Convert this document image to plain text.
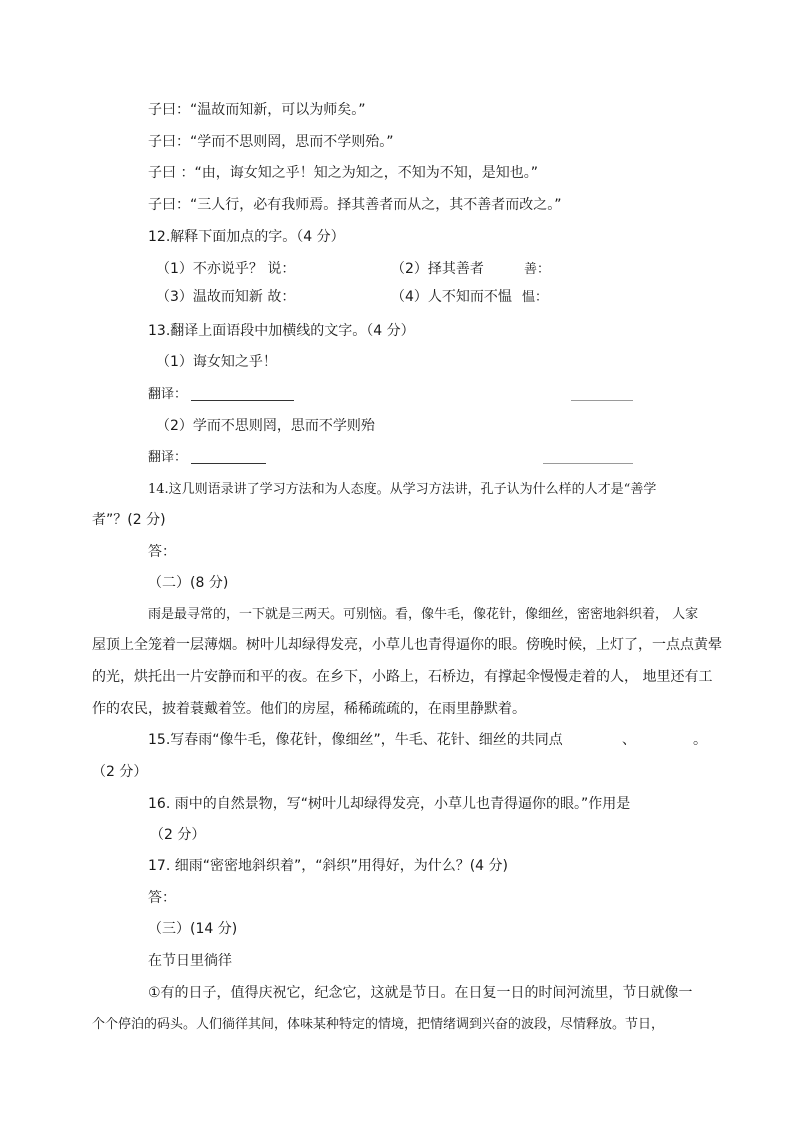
子曰：“温故而知新，可以为师矣。”
子曰：“学而不思则罔，思而不学则殆。”
子曰 ：“由，诲女知之乎！知之为知之，不知为不知，是知也。”
子曰：“三人行，必有我师焉。择其善者而从之，其不善者而改之。”
12.解释下面加点的字。（4 分）
（1）不亦说乎？ 说：	（2）择其善者	善：
（3）温故而知新 故：	（4）人不知而不愠 愠：
13.翻译上面语段中加横线的文字。（4 分）
（1）诲女知之乎！
翻译：
（2）学而不思则罔，思而不学则殆
翻译：
14.这几则语录讲了学习方法和为人态度。从学习方法讲，孔子认为什么样的人才是“善学
者”？(2 分)
答：
（二）(8 分)
雨是最寻常的，一下就是三两天。可别恼。看，像牛毛，像花针，像细丝，密密地斜织着， 人家
屋顶上全笼着一层薄烟。树叶儿却绿得发亮，小草儿也青得逼你的眼。傍晚时候，上灯了，一点点黄晕
的光，烘托出一片安静而和平的夜。在乡下，小路上，石桥边，有撑起伞慢慢走着的人， 地里还有工
作的农民，披着蓑戴着笠。他们的房屋，稀稀疏疏的，在雨里静默着。
15.写春雨“像牛毛，像花针，像细丝”，牛毛、花针、细丝的共同点	、	。
（2 分）
16. 雨中的自然景物，写“树叶儿却绿得发亮，小草儿也青得逼你的眼。”作用是
（2 分）
17. 细雨“密密地斜织着”，“斜织”用得好，为什么？(4 分)
答：
（三）(14 分)
在节日里徜徉
①有的日子，值得庆祝它，纪念它，这就是节日。在日复一日的时间河流里，节日就像一
个个停泊的码头。人们徜徉其间，体味某种特定的情境，把情绪调到兴奋的波段，尽情释放。节日，
